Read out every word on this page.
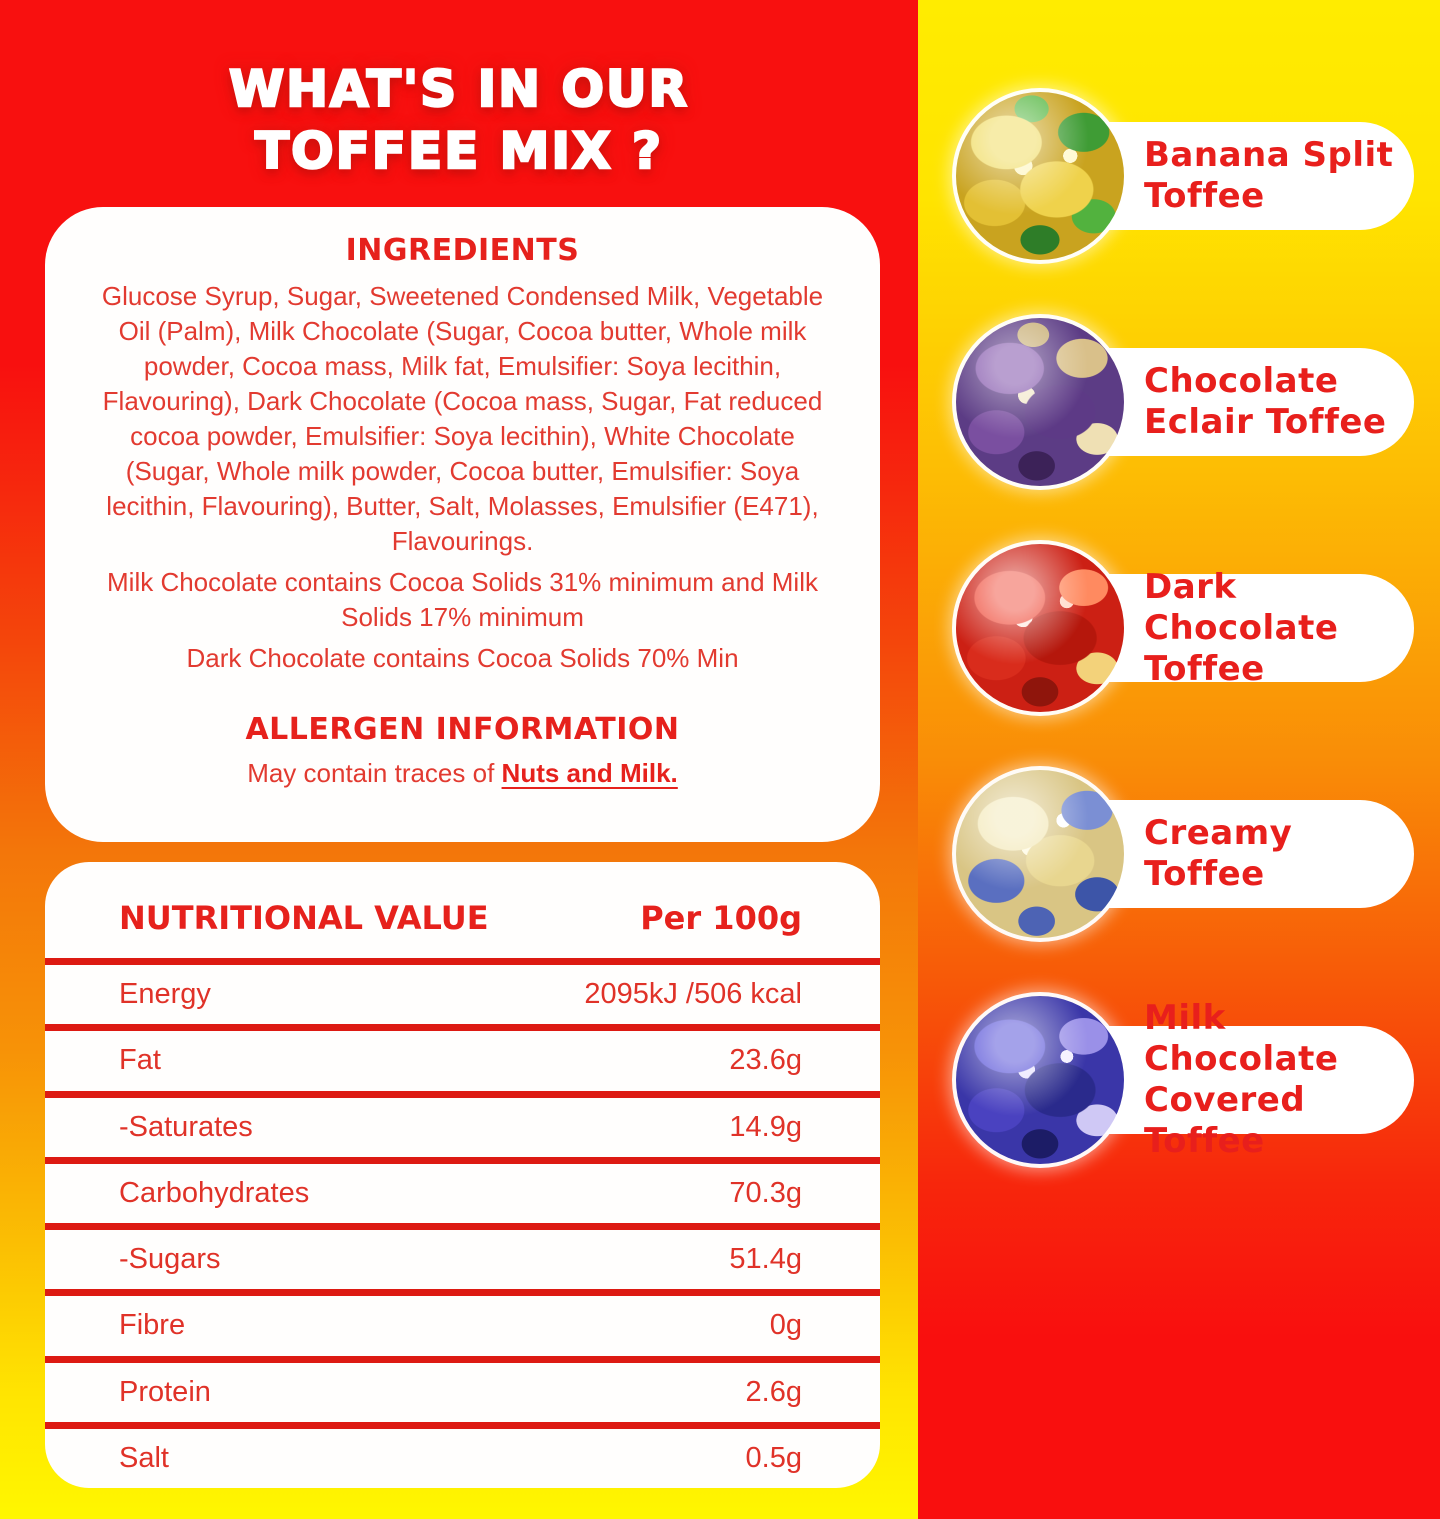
WHAT'S IN OUR
TOFFEE MIX ?
INGREDIENTS

Glucose Syrup, Sugar, Sweetened Condensed Milk, Vegetable Oil (Palm), Milk Chocolate (Sugar, Cocoa butter, Whole milk powder, Cocoa mass, Milk fat, Emulsifier: Soya lecithin, Flavouring), Dark Chocolate (Cocoa mass, Sugar, Fat reduced cocoa powder, Emulsifier: Soya lecithin), White Chocolate (Sugar, Whole milk powder, Cocoa butter, Emulsifier: Soya lecithin, Flavouring), Butter, Salt, Molasses, Emulsifier (E471), Flavourings.

Milk Chocolate contains Cocoa Solids 31% minimum and Milk Solids 17% minimum

Dark Chocolate contains Cocoa Solids 70% Min

ALLERGEN INFORMATION

May contain traces of Nuts and Milk.

NUTRITIONAL VALUE	Per 100g
Energy	2095kJ /506 kcal
Fat	23.6g
-Saturates	14.9g
Carbohydrates	70.3g
-Sugars	51.4g
Fibre	0g
Protein	2.6g
Salt	0.5g
Banana Split
Toffee
Chocolate
Eclair Toffee
Dark Chocolate
Toffee
Creamy Toffee
Milk Chocolate
Covered Toffee
